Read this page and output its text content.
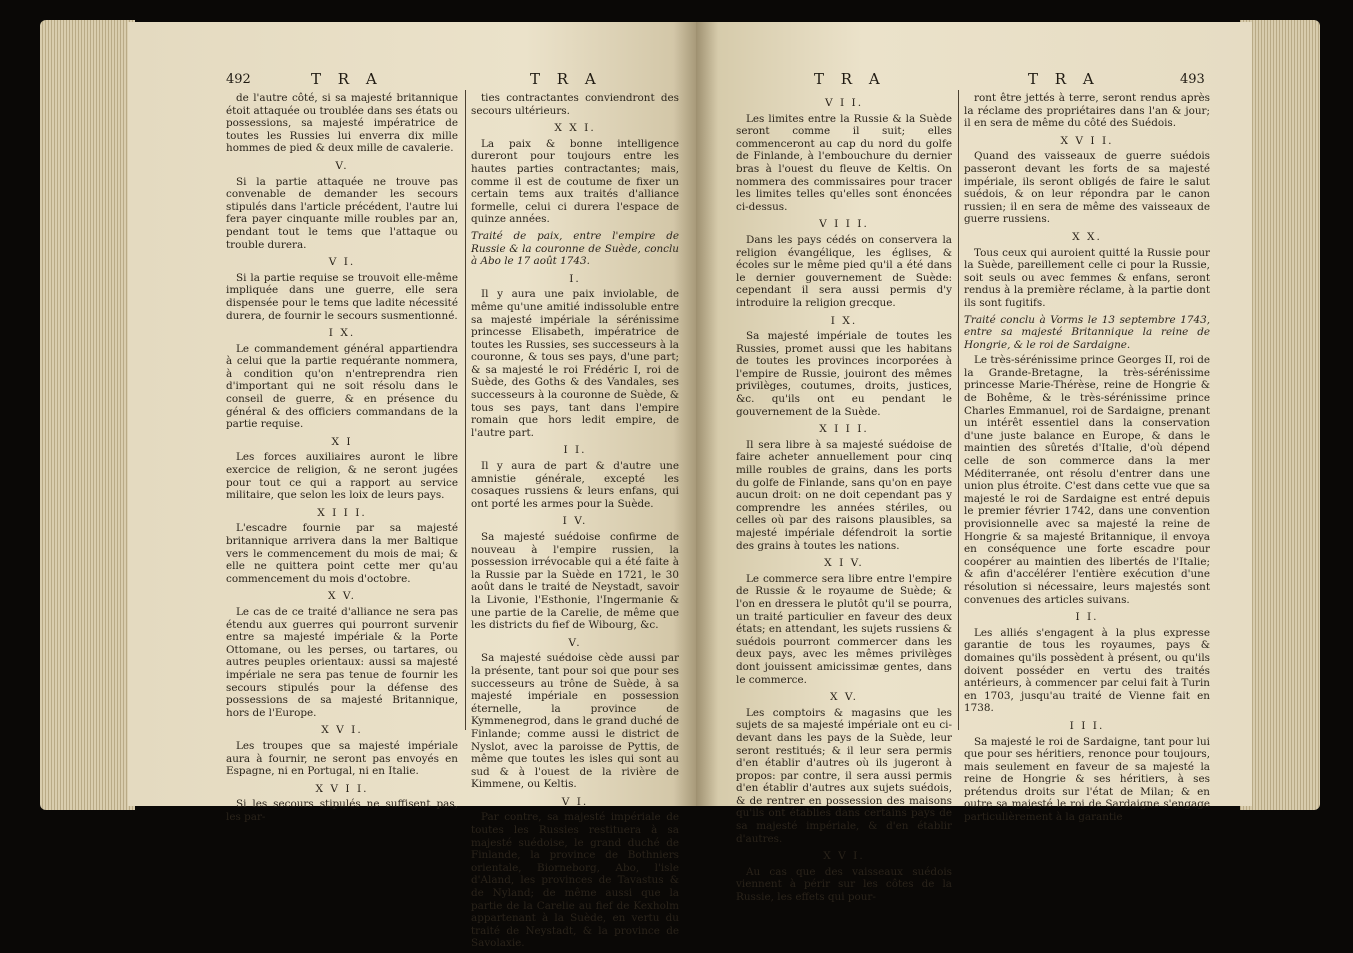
492	T R A	T R A

de l'autre côté, si sa majesté britannique étoit attaquée ou troublée dans ses états ou possessions, sa majesté impératrice de toutes les Russies lui enverra dix mille hommes de pied & deux mille de cavalerie.

V.

Si la partie attaquée ne trouve pas convenable de demander les secours stipulés dans l'article précédent, l'autre lui fera payer cinquante mille roubles par an, pendant tout le tems que l'attaque ou trouble durera.

V I.

Si la partie requise se trouvoit elle-même impliquée dans une guerre, elle sera dispensée pour le tems que ladite nécessité durera, de fournir le secours susmentionné.

I X.

Le commandement général appartiendra à celui que la partie requérante nommera, à condition qu'on n'entreprendra rien d'important qui ne soit résolu dans le conseil de guerre, & en présence du général & des officiers commandans de la partie requise.

X I

Les forces auxiliaires auront le libre exercice de religion, & ne seront jugées pour tout ce qui a rapport au service militaire, que selon les loix de leurs pays.

X I I I.

L'escadre fournie par sa majesté britannique arrivera dans la mer Baltique vers le commencement du mois de mai; & elle ne quittera point cette mer qu'au commencement du mois d'octobre.

X V.

Le cas de ce traité d'alliance ne sera pas étendu aux guerres qui pourront survenir entre sa majesté impériale & la Porte Ottomane, ou les perses, ou tartares, ou autres peuples orientaux: aussi sa majesté impériale ne sera pas tenue de fournir les secours stipulés pour la défense des possessions de sa majesté Britannique, hors de l'Europe.

X V I.

Les troupes que sa majesté impériale aura à fournir, ne seront pas envoyés en Espagne, ni en Portugal, ni en Italie.

X V I I.

Si les secours stipulés ne suffisent pas, les par-

ties contractantes conviendront des secours ultérieurs.

X X I.

La paix & bonne intelligence dureront pour toujours entre les hautes parties contractantes; mais, comme il est de coutume de fixer un certain tems aux traités d'alliance formelle, celui ci durera l'espace de quinze années.

Traité de paix, entre l'empire de Russie & la couronne de Suède, conclu à Abo le 17 août 1743.

I.

Il y aura une paix inviolable, de même qu'une amitié indissoluble entre sa majesté impériale la sérénissime princesse Elisabeth, impératrice de toutes les Russies, ses successeurs à la couronne, & tous ses pays, d'une part; & sa majesté le roi Frédéric I, roi de Suède, des Goths & des Vandales, ses successeurs à la couronne de Suède, & tous ses pays, tant dans l'empire romain que hors ledit empire, de l'autre part.

I I.

Il y aura de part & d'autre une amnistie générale, excepté les cosaques russiens & leurs enfans, qui ont porté les armes pour la Suède.

I V.

Sa majesté suédoise confirme de nouveau à l'empire russien, la possession irrévocable qui a été faite à la Russie par la Suède en 1721, le 30 août dans le traité de Neystadt, savoir la Livonie, l'Esthonie, l'Ingermanie & une partie de la Carelie, de même que les districts du fief de Wibourg, &c.

V.

Sa majesté suédoise cède aussi par la présente, tant pour soi que pour ses successeurs au trône de Suède, à sa majesté impériale en possession éternelle, la province de Kymmenegrod, dans le grand duché de Finlande; comme aussi le district de Nyslot, avec la paroisse de Pyttis, de même que toutes les isles qui sont au sud & à l'ouest de la rivière de Kimmene, ou Keltis.

V I.

Par contre, sa majesté impériale de toutes les Russies restituera à sa majesté suédoise, le grand duché de Finlande, la province de Bothniers orientale, Biorneborg, Abo, l'isle d'Aland, les provinces de Tavastus & de Nyland; de même aussi que la partie de la Carelie au fief de Kexholm appartenant à la Suède, en vertu du traité de Neystadt, & la province de Savolaxie.

T R A	T R A	493

V I I.

Les limites entre la Russie & la Suède seront comme il suit; elles commenceront au cap du nord du golfe de Finlande, à l'embouchure du dernier bras à l'ouest du fleuve de Keltis. On nommera des commissaires pour tracer les limites telles qu'elles sont énoncées ci-dessus.

V I I I.

Dans les pays cédés on conservera la religion évangélique, les églises, & écoles sur le même pied qu'il a été dans le dernier gouvernement de Suède: cependant il sera aussi permis d'y introduire la religion grecque.

I X.

Sa majesté impériale de toutes les Russies, promet aussi que les habitans de toutes les provinces incorporées à l'empire de Russie, jouiront des mêmes privilèges, coutumes, droits, justices, &c. qu'ils ont eu pendant le gouvernement de la Suède.

X I I I.

Il sera libre à sa majesté suédoise de faire acheter annuellement pour cinq mille roubles de grains, dans les ports du golfe de Finlande, sans qu'on en paye aucun droit: on ne doit cependant pas y comprendre les années stériles, ou celles où par des raisons plausibles, sa majesté impériale défendroit la sortie des grains à toutes les nations.

X I V.

Le commerce sera libre entre l'empire de Russie & le royaume de Suède; & l'on en dressera le plutôt qu'il se pourra, un traité particulier en faveur des deux états; en attendant, les sujets russiens & suédois pourront commercer dans les deux pays, avec les mêmes privilèges dont jouissent amicissimæ gentes, dans le commerce.

X V.

Les comptoirs & magasins que les sujets de sa majesté impériale ont eu ci-devant dans les pays de la Suède, leur seront restitués; & il leur sera permis d'en établir d'autres où ils jugeront à propos: par contre, il sera aussi permis d'en établir d'autres aux sujets suédois, & de rentrer en possession des maisons qu'ils ont établies dans certains pays de sa majesté impériale, & d'en établir d'autres.

X V I.

Au cas que des vaisseaux suédois viennent à périr sur les côtes de la Russie, les effets qui pour-

ront être jettés à terre, seront rendus après la réclame des propriétaires dans l'an & jour; il en sera de même du côté des Suédois.

X V I I.

Quand des vaisseaux de guerre suédois passeront devant les forts de sa majesté impériale, ils seront obligés de faire le salut suédois, & on leur répondra par le canon russien; il en sera de même des vaisseaux de guerre russiens.

X X.

Tous ceux qui auroient quitté la Russie pour la Suède, pareillement celle ci pour la Russie, soit seuls ou avec femmes & enfans, seront rendus à la première réclame, à la partie dont ils sont fugitifs.

Traité conclu à Vorms le 13 septembre 1743, entre sa majesté Britannique la reine de Hongrie, & le roi de Sardaigne.

Le très-sérénissime prince Georges II, roi de la Grande-Bretagne, la très-sérénissime princesse Marie-Thérèse, reine de Hongrie & de Bohême, & le très-sérénissime prince Charles Emmanuel, roi de Sardaigne, prenant un intérêt essentiel dans la conservation d'une juste balance en Europe, & dans le maintien des sûretés d'Italie, d'où dépend celle de son commerce dans la mer Méditerranée, ont résolu d'entrer dans une union plus étroite. C'est dans cette vue que sa majesté le roi de Sardaigne est entré depuis le premier février 1742, dans une convention provisionnelle avec sa majesté la reine de Hongrie & sa majesté Britannique, il envoya en conséquence une forte escadre pour coopérer au maintien des libertés de l'Italie; & afin d'accélérer l'entière exécution d'une résolution si nécessaire, leurs majestés sont convenues des articles suivans.

I I.

Les alliés s'engagent à la plus expresse garantie de tous les royaumes, pays & domaines qu'ils possèdent à présent, ou qu'ils doivent posséder en vertu des traités antérieurs, à commencer par celui fait à Turin en 1703, jusqu'au traité de Vienne fait en 1738.

I I I.

Sa majesté le roi de Sardaigne, tant pour lui que pour ses héritiers, renonce pour toujours, mais seulement en faveur de sa majesté la reine de Hongrie & ses héritiers, à ses prétendus droits sur l'état de Milan; & en outre sa majesté le roi de Sardaigne s'engage particulièrement à la garantie
